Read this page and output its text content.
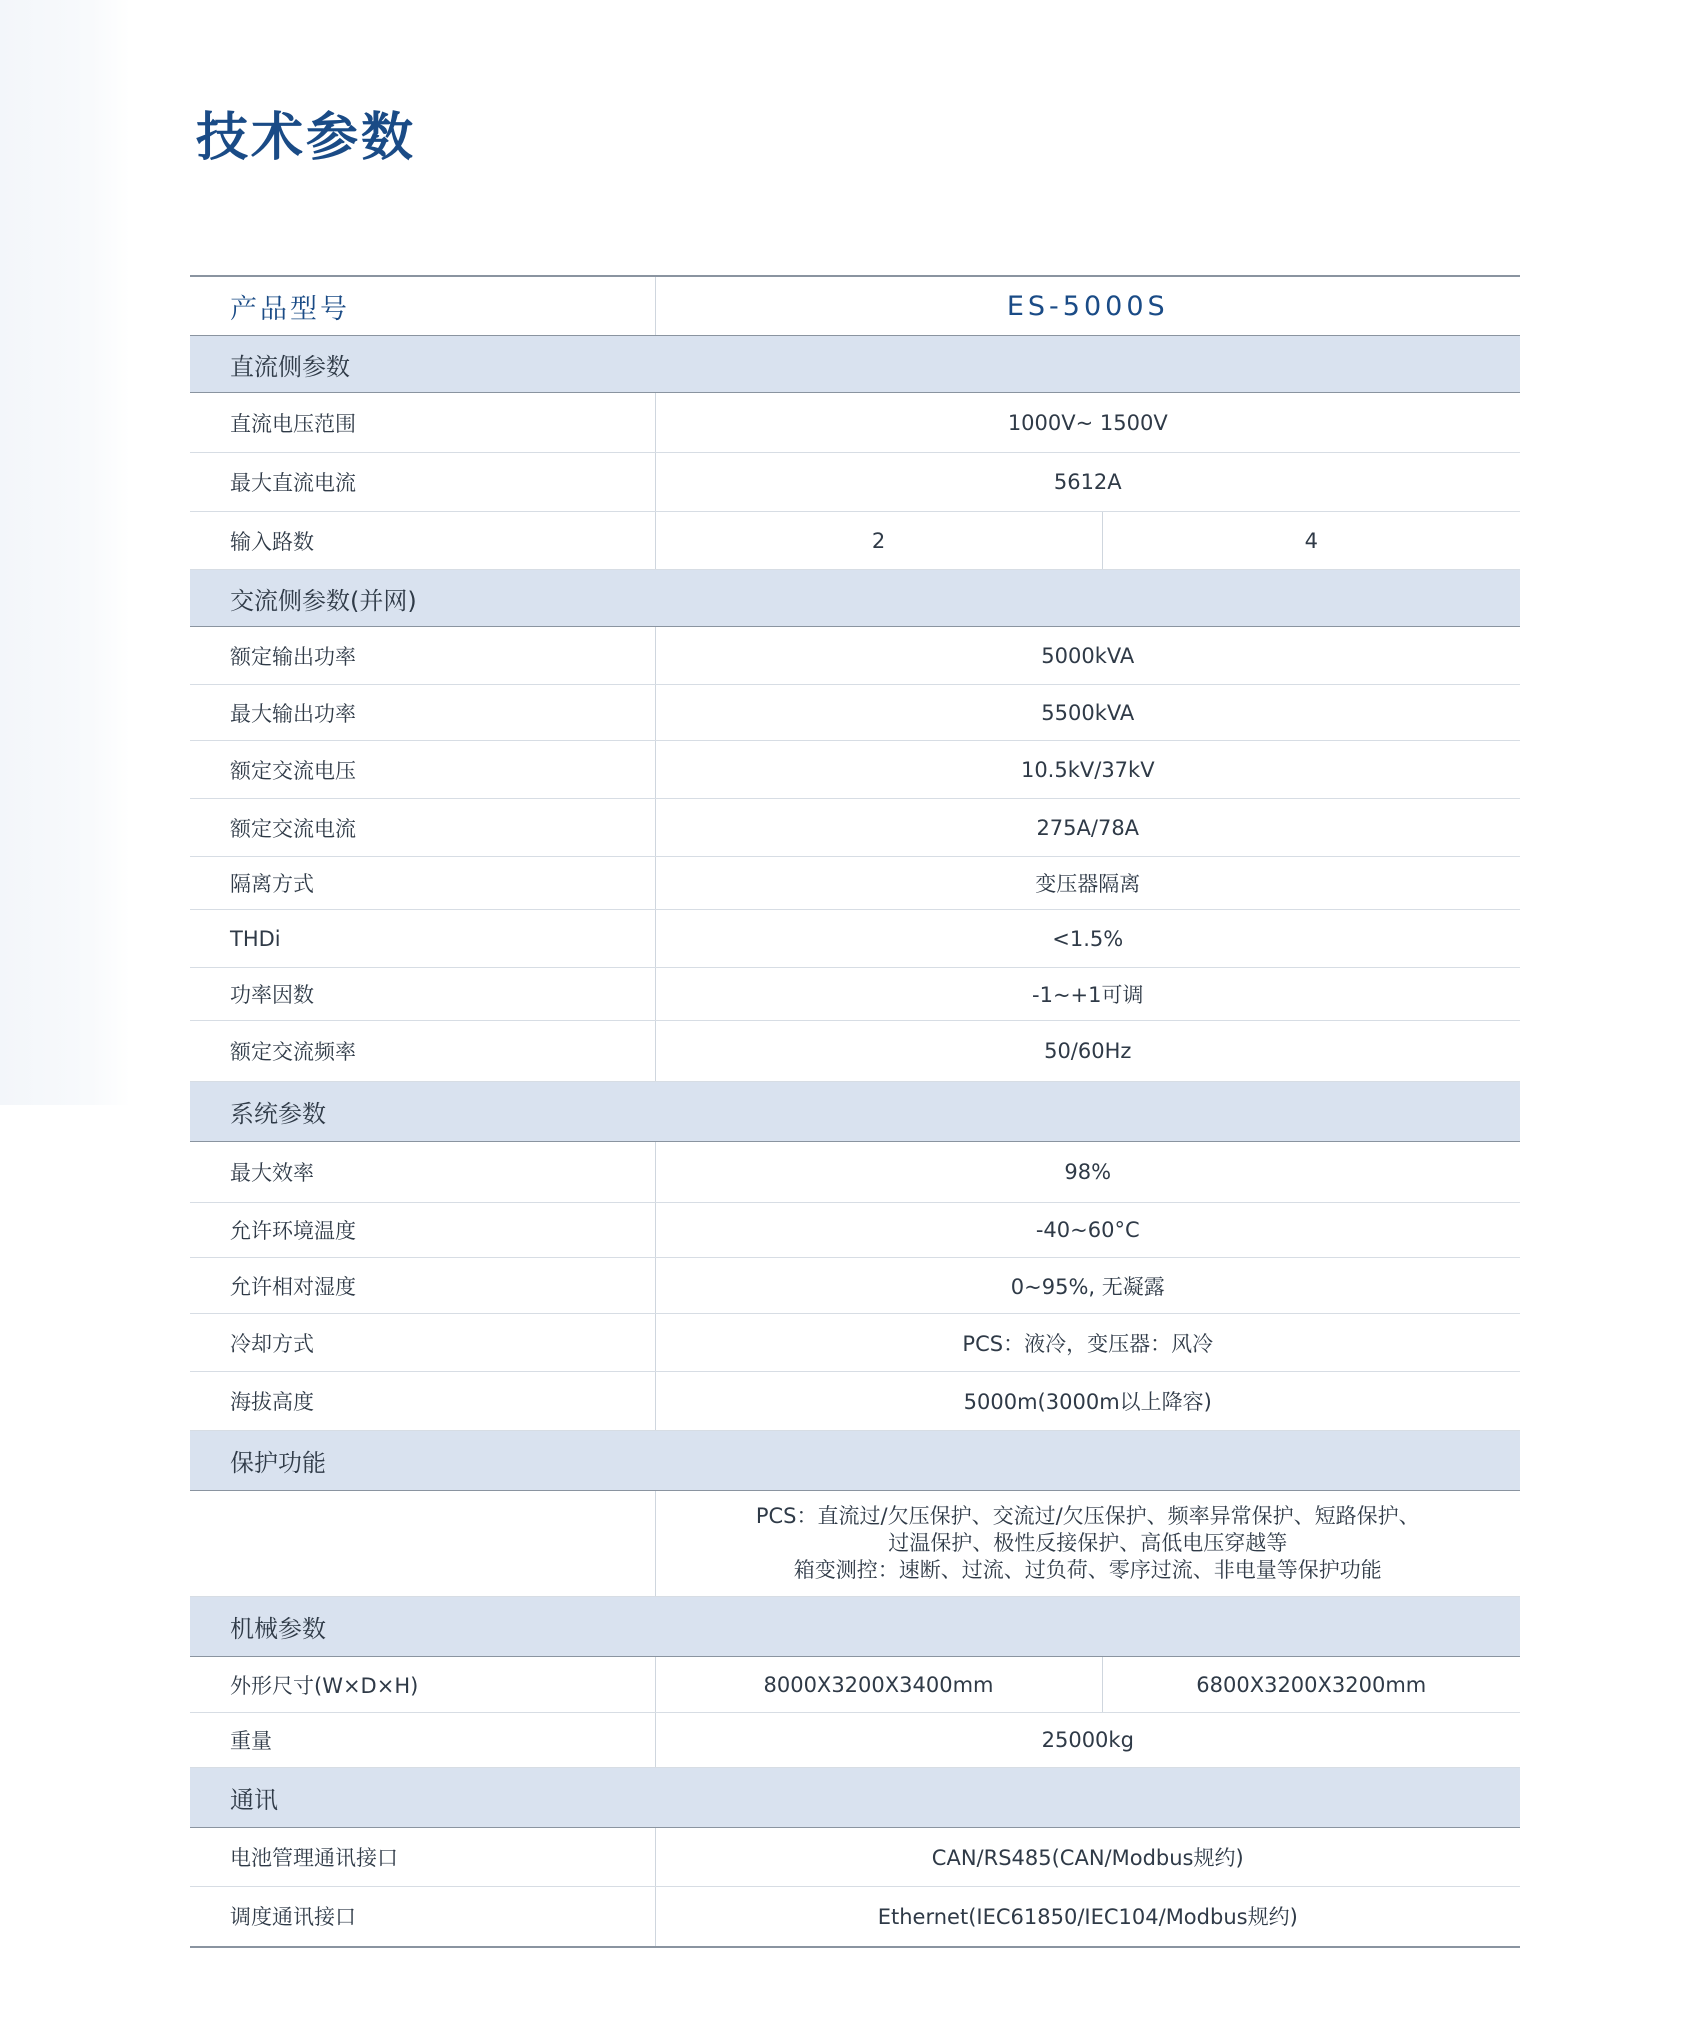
技术参数
产品型号	ES-5000S	
直流侧参数		
直流电压范围	1000V~ 1500V	
最大直流电流	5612A	
输入路数	2	4
交流侧参数(并网)		
额定输出功率	5000kVA	
最大输出功率	5500kVA	
额定交流电压	10.5kV/37kV	
额定交流电流	275A/78A	
隔离方式	变压器隔离	
THDi	<1.5%	
功率因数	-1~+1可调	
额定交流频率	50/60Hz	
系统参数		
最大效率	98%	
允许环境温度	-40~60°C	
允许相对湿度	0~95%, 无凝露	
冷却方式	PCS：液冷，变压器：风冷	
海拔高度	5000m(3000m以上降容)	
保护功能		

	PCS：直流过/欠压保护、交流过/欠压保护、频率异常保护、短路保护、
过温保护、极性反接保护、高低电压穿越等
箱变测控：速断、过流、过负荷、零序过流、非电量等保护功能	

机械参数		
外形尺寸(W×D×H)	8000X3200X3400mm	6800X3200X3200mm
重量	25000kg	
通讯		
电池管理通讯接口	CAN/RS485(CAN/Modbus规约)	
调度通讯接口	Ethernet(IEC61850/IEC104/Modbus规约)	
